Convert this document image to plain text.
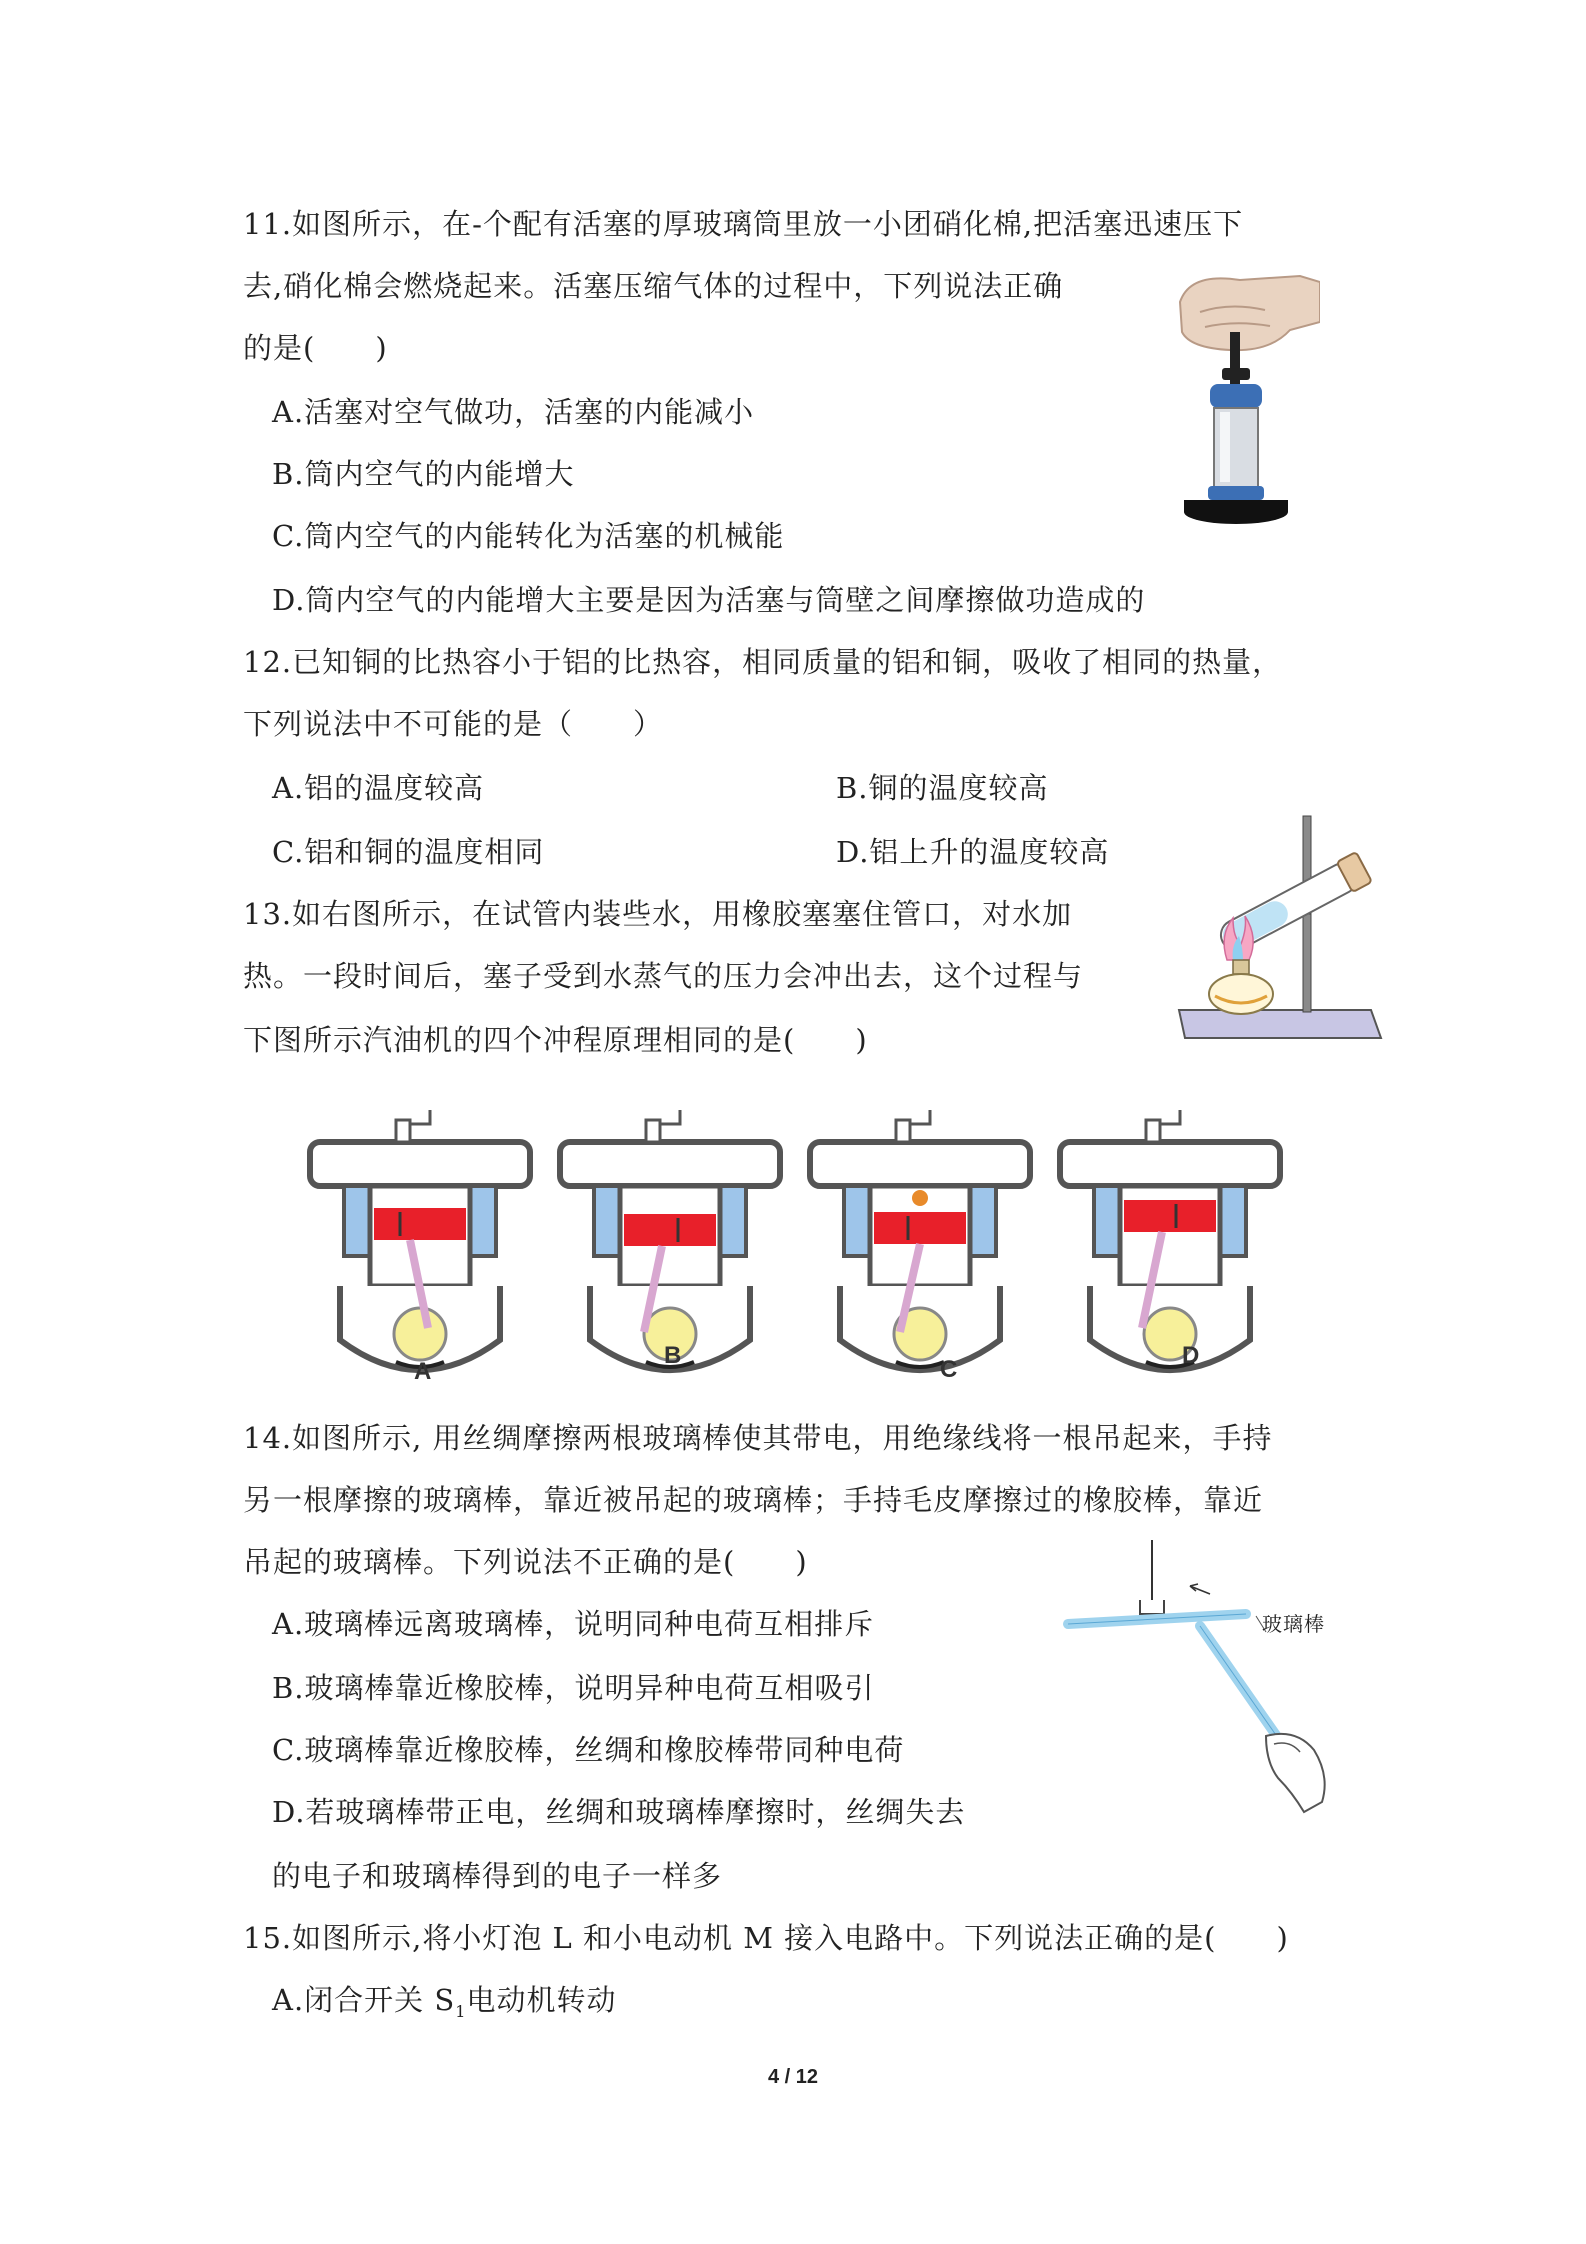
11.如图所示，在-个配有活塞的厚玻璃筒里放一小团硝化棉,把活塞迅速压下
去,硝化棉会燃烧起来。活塞压缩气体的过程中，下列说法正确
的是(　　)
A.活塞对空气做功，活塞的内能减小
B.筒内空气的内能增大
C.筒内空气的内能转化为活塞的机械能
D.筒内空气的内能增大主要是因为活塞与筒壁之间摩擦做功造成的
12.已知铜的比热容小于铝的比热容，相同质量的铝和铜，吸收了相同的热量，
下列说法中不可能的是（　　）
A.铝的温度较高	B.铜的温度较高
C.铝和铜的温度相同	D.铝上升的温度较高
13.如右图所示，在试管内装些水，用橡胶塞塞住管口，对水加
热。一段时间后，塞子受到水蒸气的压力会冲出去，这个过程与
下图所示汽油机的四个冲程原理相同的是(　　)
A
B
C
D
14.如图所示, 用丝绸摩擦两根玻璃棒使其带电，用绝缘线将一根吊起来，手持
另一根摩擦的玻璃棒，靠近被吊起的玻璃棒；手持毛皮摩擦过的橡胶棒，靠近
吊起的玻璃棒。下列说法不正确的是(　　)
A.玻璃棒远离玻璃棒，说明同种电荷互相排斥
B.玻璃棒靠近橡胶棒，说明异种电荷互相吸引
C.玻璃棒靠近橡胶棒，丝绸和橡胶棒带同种电荷
D.若玻璃棒带正电，丝绸和玻璃棒摩擦时，丝绸失去
的电子和玻璃棒得到的电子一样多
玻璃棒
15.如图所示,将小灯泡 L 和小电动机 M 接入电路中。下列说法正确的是(　　)
A.闭合开关 $S_1$电动机转动
4 / 12
